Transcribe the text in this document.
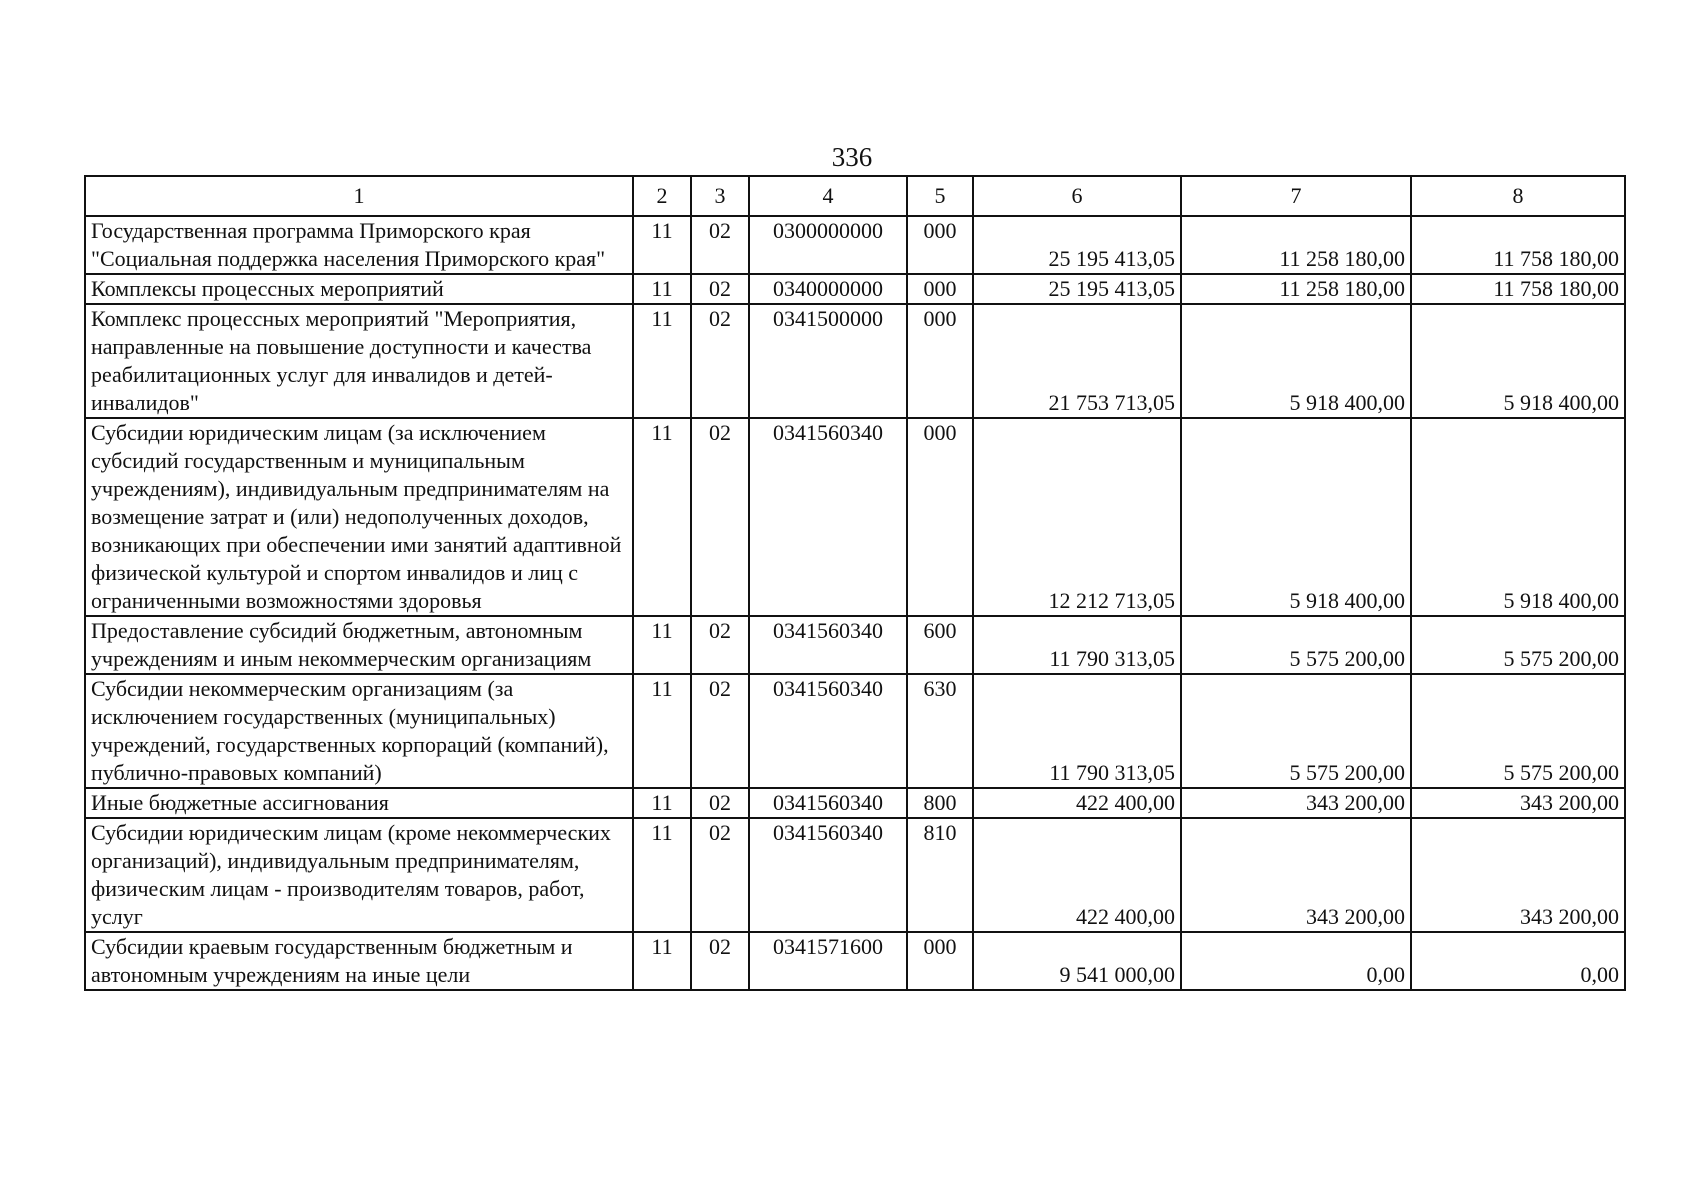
336
1	2	3	4	5	6	7	8
Государственная программа Приморского края "Социальная поддержка населения Приморского края"	11	02	0300000000	000	25 195 413,05	11 258 180,00	11 758 180,00
Комплексы процессных мероприятий	11	02	0340000000	000	25 195 413,05	11 258 180,00	11 758 180,00
Комплекс процессных мероприятий "Мероприятия, направленные на повышение доступности и качества реабилитационных услуг для инвалидов и детей-инвалидов"	11	02	0341500000	000	21 753 713,05	5 918 400,00	5 918 400,00
Субсидии юридическим лицам (за исключением субсидий государственным и муниципальным учреждениям), индивидуальным предпринимателям на возмещение затрат и (или) недополученных доходов, возникающих при обеспечении ими занятий адаптивной физической культурой и спортом инвалидов и лиц с ограниченными возможностями здоровья	11	02	0341560340	000	12 212 713,05	5 918 400,00	5 918 400,00
Предоставление субсидий бюджетным, автономным учреждениям и иным некоммерческим организациям	11	02	0341560340	600	11 790 313,05	5 575 200,00	5 575 200,00
Субсидии некоммерческим организациям (за исключением государственных (муниципальных) учреждений, государственных корпораций (компаний), публично-правовых компаний)	11	02	0341560340	630	11 790 313,05	5 575 200,00	5 575 200,00
Иные бюджетные ассигнования	11	02	0341560340	800	422 400,00	343 200,00	343 200,00
Субсидии юридическим лицам (кроме некоммерческих организаций), индивидуальным предпринимателям, физическим лицам - производителям товаров, работ, услуг	11	02	0341560340	810	422 400,00	343 200,00	343 200,00
Субсидии краевым государственным бюджетным и автономным учреждениям на иные цели	11	02	0341571600	000	9 541 000,00	0,00	0,00
